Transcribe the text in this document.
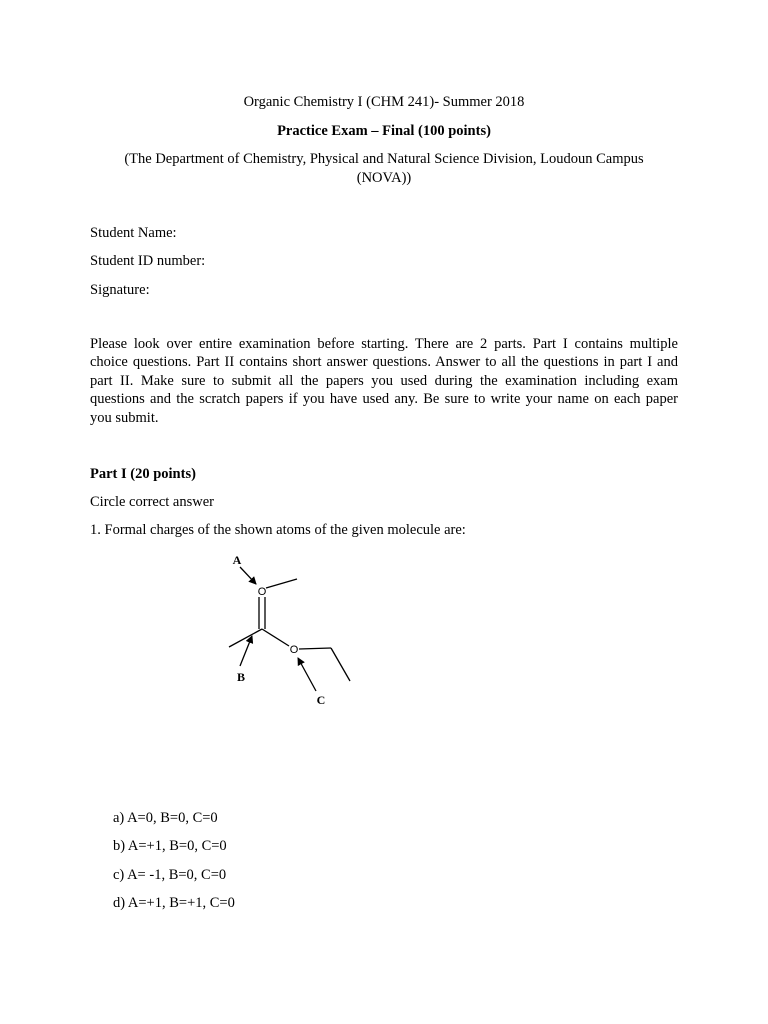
Organic Chemistry I (CHM 241)- Summer 2018
Practice Exam – Final (100 points)
(The Department of Chemistry, Physical and Natural Science Division, Loudoun Campus
(NOVA))
Student Name:
Student ID number:
Signature:
Please look over entire examination before starting. There are 2 parts. Part I contains multiple
choice questions. Part II contains short answer questions. Answer to all the questions in part I and
part II. Make sure to submit all the papers you used during the examination including exam
questions and the scratch papers if you have used any. Be sure to write your name on each paper
you submit.
Part I (20 points)
Circle correct answer
1. Formal charges of the shown atoms of the given molecule are:
O
O
A
B
C
a) A=0, B=0, C=0
b) A=+1, B=0, C=0
c) A= -1, B=0, C=0
d) A=+1, B=+1, C=0
